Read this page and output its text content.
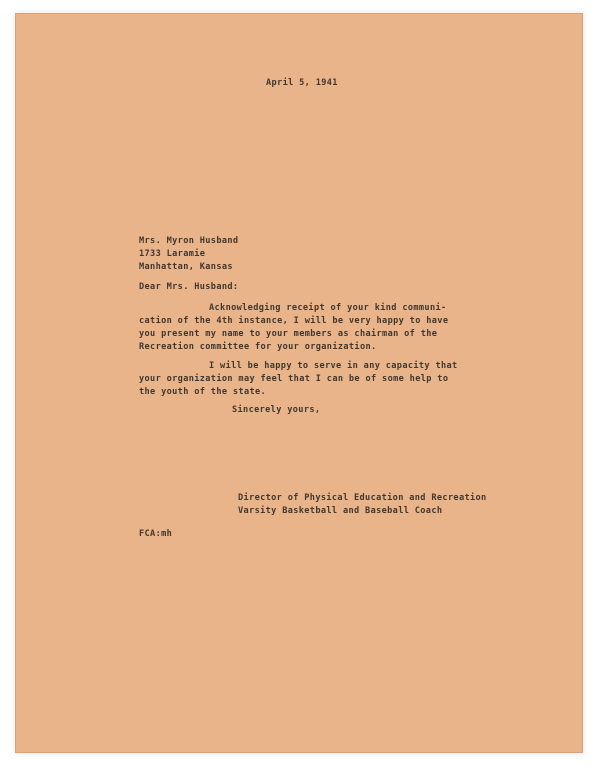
April 5, 1941
Mrs. Myron Husband
1733 Laramie
Manhattan, Kansas
Dear Mrs. Husband:
Acknowledging receipt of your kind communi-
cation of the 4th instance, I will be very happy to have
you present my name to your members as chairman of the
Recreation committee for your organization.
I will be happy to serve in any capacity that
your organization may feel that I can be of some help to
the youth of the state.
Sincerely yours,
Director of Physical Education and Recreation
Varsity Basketball and Baseball Coach
FCA:mh
